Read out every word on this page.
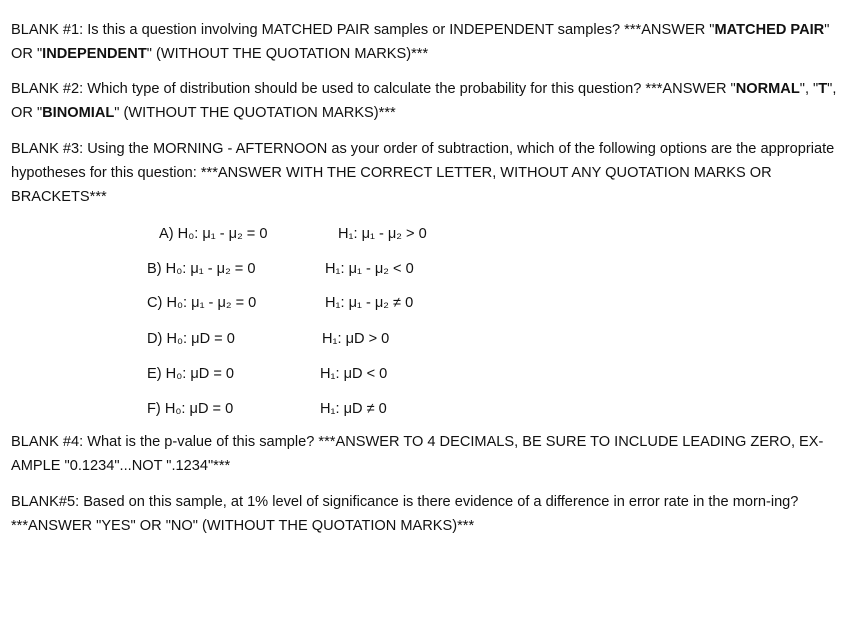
BLANK #1: Is this a question involving MATCHED PAIR samples or INDEPENDENT samples? ***ANSWER "MATCHED PAIR" OR "INDEPENDENT" (WITHOUT THE QUOTATION MARKS)***
BLANK #2: Which type of distribution should be used to calculate the probability for this question? ***ANSWER "NORMAL", "T", OR "BINOMIAL" (WITHOUT THE QUOTATION MARKS)***
BLANK #3: Using the MORNING - AFTERNOON as your order of subtraction, which of the following options are the appropriate hypotheses for this question: ***ANSWER WITH THE CORRECT LETTER, WITHOUT ANY QUOTATION MARKS OR BRACKETS***
A) H₀: μ₁ - μ₂ = 0	H₁: μ₁ - μ₂ > 0
B) H₀: μ₁ - μ₂ = 0	H₁: μ₁ - μ₂ < 0
C) H₀: μ₁ - μ₂ = 0	H₁: μ₁ - μ₂ ≠ 0
D) H₀: μD = 0	H₁: μD > 0
E) H₀: μD = 0	H₁: μD < 0
F) H₀: μD = 0	H₁: μD ≠ 0
BLANK #4: What is the p-value of this sample? ***ANSWER TO 4 DECIMALS, BE SURE TO INCLUDE LEADING ZERO, EX-AMPLE "0.1234"...NOT ".1234"***
BLANK#5: Based on this sample, at 1% level of significance is there evidence of a difference in error rate in the morn-ing? ***ANSWER "YES" OR "NO" (WITHOUT THE QUOTATION MARKS)***
